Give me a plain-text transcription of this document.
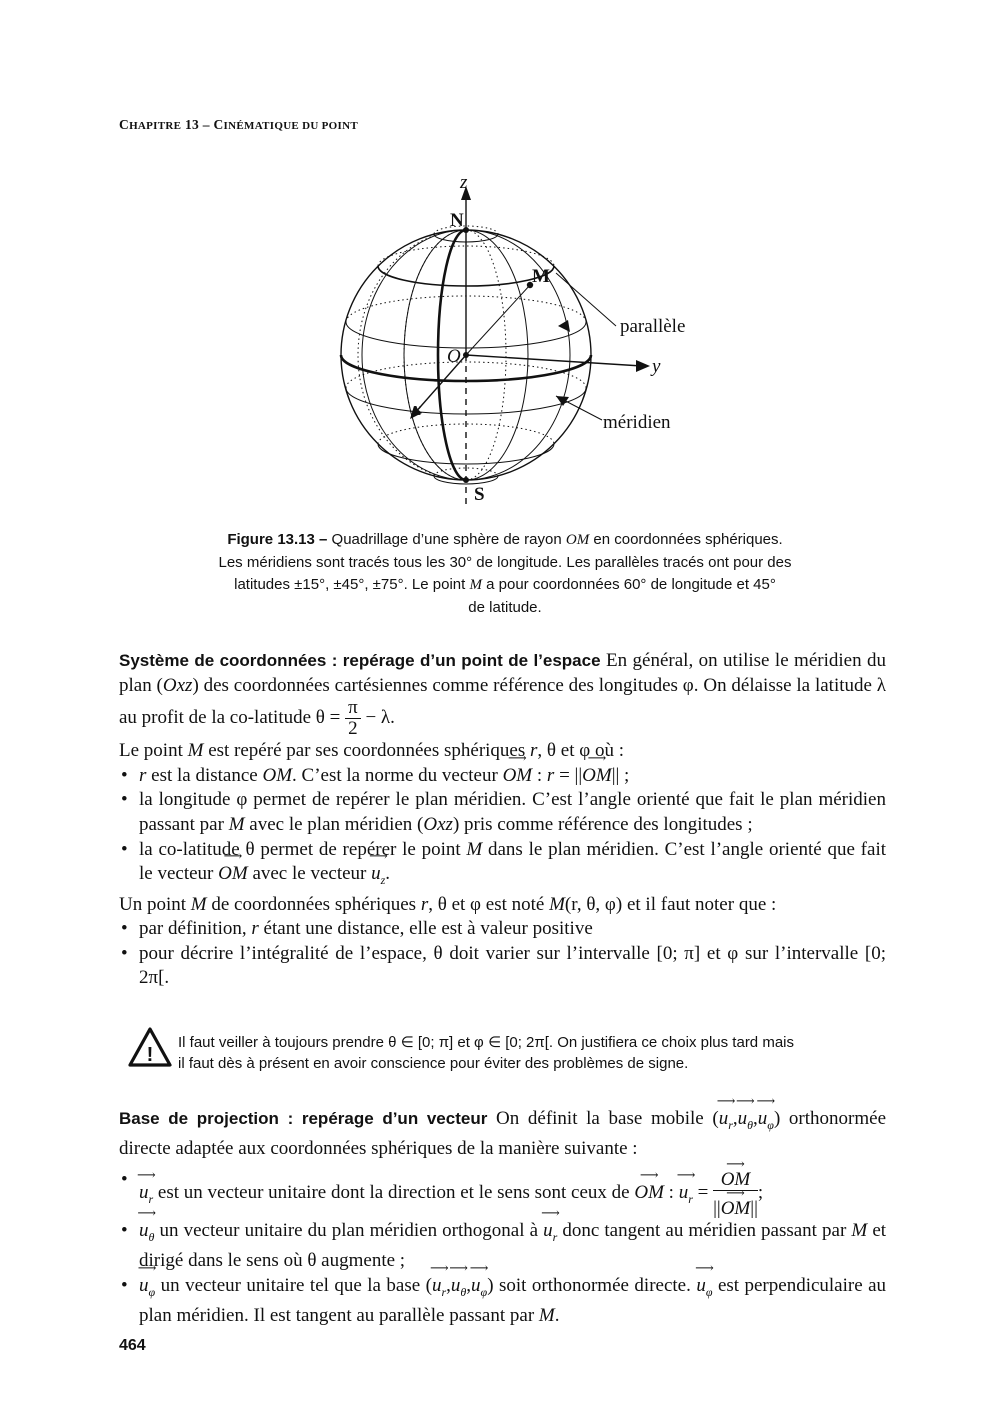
CHAPITRE 13 – CINÉMATIQUE DU POINT
z
N
M
O	y
x
S
parallèle
méridien
Figure 13.13 – Quadrillage d’une sphère de rayon OM en coordonnées sphériques.
Les méridiens sont tracés tous les 30° de longitude. Les parallèles tracés ont pour des
latitudes ±15°, ±45°, ±75°. Le point M a pour coordonnées 60° de longitude et 45°
de latitude.
Système de coordonnées : repérage d’un point de l’espace En général, on utilise le méridien du plan (Oxz) des coordonnées cartésiennes comme référence des longitudes φ. On délaisse la latitude λ au profit de la co-latitude $\theta = \frac{\pi}{2} - \lambda$.
Le point M est repéré par ses coordonnées sphériques r, θ et φ où :
• r est la distance OM. C’est la norme du vecteur ⟶ OM : r = ||⟶ OM|| ;
• la longitude φ permet de repérer le plan méridien. C’est l’angle orienté que fait le plan méridien passant par M avec le plan méridien (Oxz) pris comme référence des longitudes ;
• la co-latitude θ permet de repérer le point M dans le plan méridien. C’est l’angle orienté que fait le vecteur ⟶ OM avec le vecteur ⟶ $u_z$.
Un point M de coordonnées sphériques r, θ et φ est noté M(r, θ, φ) et il faut noter que :
• par définition, r étant une distance, elle est à valeur positive
• pour décrire l’intégralité de l’espace, θ doit varier sur l’intervalle [0; π] et φ sur l’intervalle [0; 2π[.
!
Il faut veiller à toujours prendre θ ∈ [0; π] et φ ∈ [0; 2π[. On justifiera ce choix plus tard mais
il faut dès à présent en avoir conscience pour éviter des problèmes de signe.
Base de projection : repérage d’un vecteur On définit la base mobile (⟶ $u_r,⟶$ $u_\theta,⟶$ $u_\varphi$) orthonormée directe adaptée aux coordonnées sphériques de la manière suivante :
• ⟶ $u_r$ est un vecteur unitaire dont la direction et le sens sont ceux de ⟶ OM : ⟶ $u_r$ = ⟶ $\frac{OM}{||⟶ OM||}$ ;
• ⟶ $u_\theta$ un vecteur unitaire du plan méridien orthogonal à ⟶ $u_r$ donc tangent au méridien passant par M et dirigé dans le sens où θ augmente ;
• ⟶ $u_\varphi$ un vecteur unitaire tel que la base (⟶ $u_r,⟶$ $u_\theta,⟶$ $u_\varphi$) soit orthonormée directe. ⟶ $u_\varphi$ est perpendiculaire au plan méridien. Il est tangent au parallèle passant par M.
464
